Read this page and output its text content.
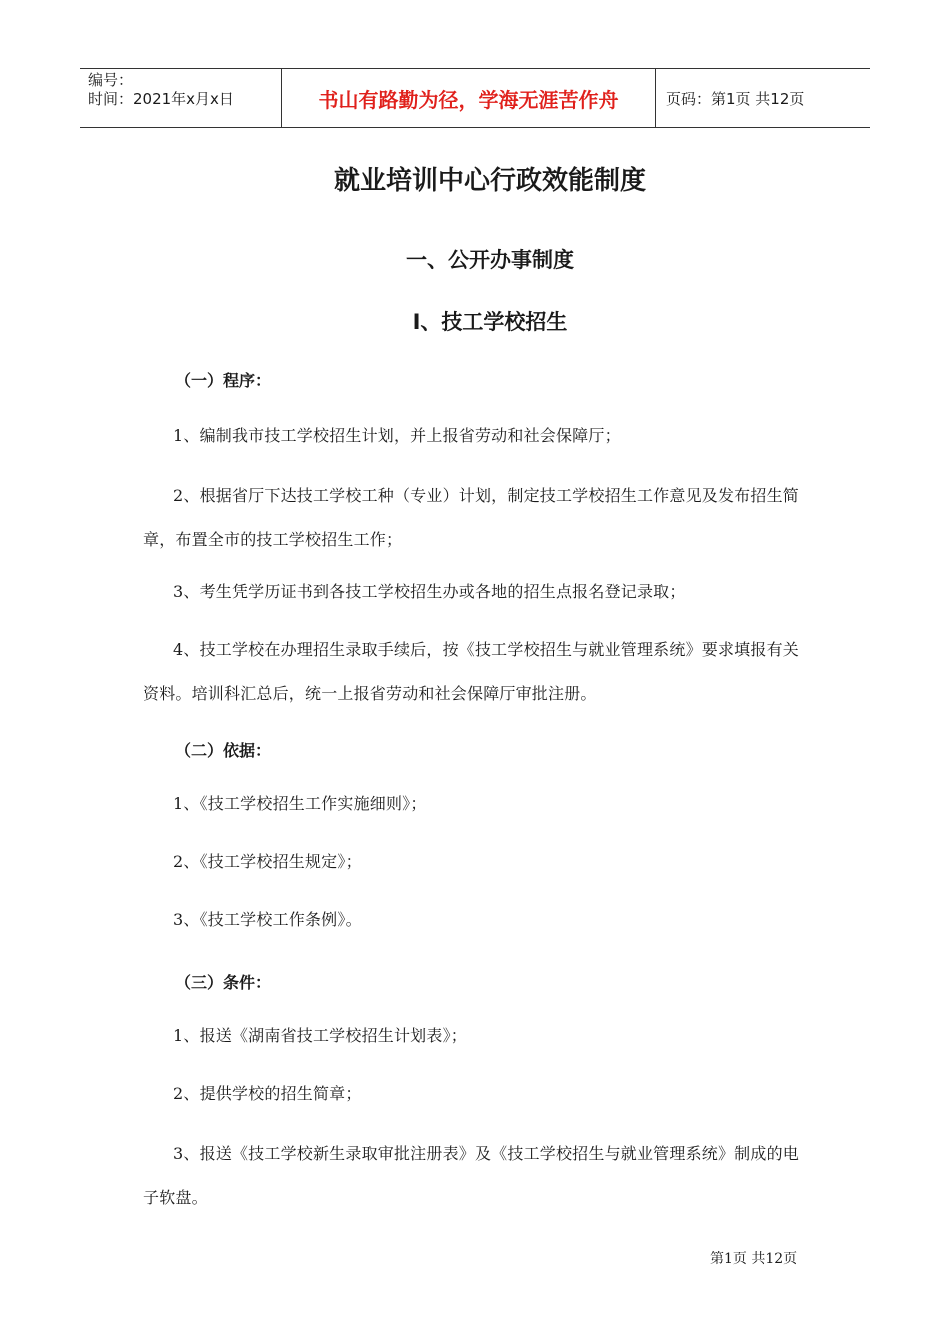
编号：
时间：2021年x月x日	书山有路勤为径，学海无涯苦作舟	页码：第1页 共12页
就业培训中心行政效能制度
一、公开办事制度
Ⅰ、技工学校招生
（一）程序：
1、编制我市技工学校招生计划，并上报省劳动和社会保障厅；
2、根据省厅下达技工学校工种（专业）计划，制定技工学校招生工作意见及发布招生简章，布置全市的技工学校招生工作；
3、考生凭学历证书到各技工学校招生办或各地的招生点报名登记录取；
4、技工学校在办理招生录取手续后，按《技工学校招生与就业管理系统》要求填报有关资料。培训科汇总后，统一上报省劳动和社会保障厅审批注册。
（二）依据：
1、《技工学校招生工作实施细则》；
2、《技工学校招生规定》；
3、《技工学校工作条例》。
（三）条件：
1、报送《湖南省技工学校招生计划表》；
2、提供学校的招生简章；
3、报送《技工学校新生录取审批注册表》及《技工学校招生与就业管理系统》制成的电子软盘。
第1页 共12页
